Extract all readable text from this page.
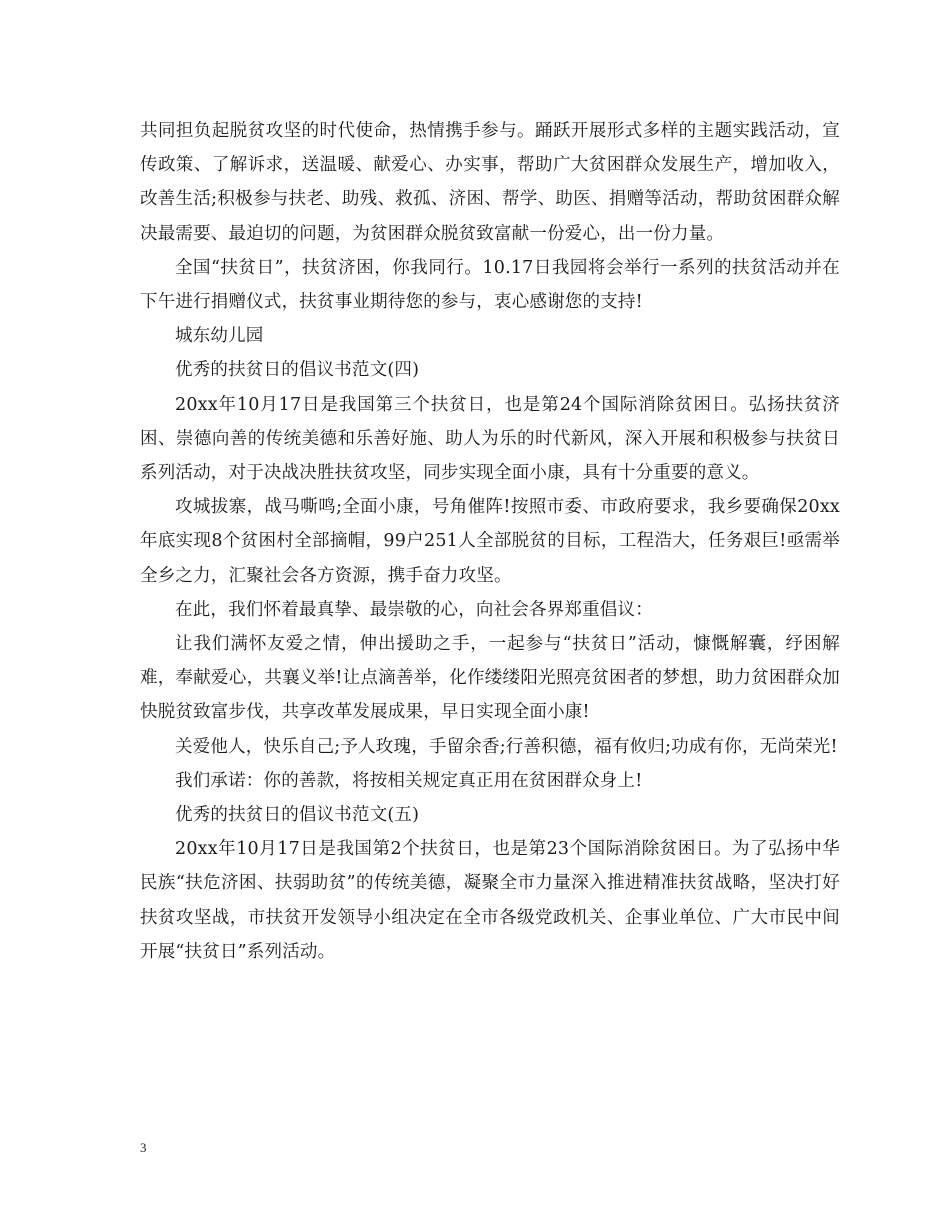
共同担负起脱贫攻坚的时代使命，热情携手参与。踊跃开展形式多样的主题实践活动，宣传政策、了解诉求，送温暖、献爱心、办实事，帮助广大贫困群众发展生产，增加收入，改善生活;积极参与扶老、助残、救孤、济困、帮学、助医、捐赠等活动，帮助贫困群众解决最需要、最迫切的问题，为贫困群众脱贫致富献一份爱心，出一份力量。

全国“扶贫日”，扶贫济困，你我同行。10.17日我园将会举行一系列的扶贫活动并在下午进行捐赠仪式，扶贫事业期待您的参与，衷心感谢您的支持!

城东幼儿园

优秀的扶贫日的倡议书范文(四)

20xx年10月17日是我国第三个扶贫日，也是第24个国际消除贫困日。弘扬扶贫济困、崇德向善的传统美德和乐善好施、助人为乐的时代新风，深入开展和积极参与扶贫日系列活动，对于决战决胜扶贫攻坚，同步实现全面小康，具有十分重要的意义。

攻城拔寨，战马嘶鸣;全面小康，号角催阵!按照市委、市政府要求，我乡要确保20xx年底实现8个贫困村全部摘帽，99户251人全部脱贫的目标，工程浩大，任务艰巨!亟需举全乡之力，汇聚社会各方资源，携手奋力攻坚。

在此，我们怀着最真挚、最崇敬的心，向社会各界郑重倡议：

让我们满怀友爱之情，伸出援助之手，一起参与“扶贫日”活动，慷慨解囊，纾困解难，奉献爱心，共襄义举!让点滴善举，化作缕缕阳光照亮贫困者的梦想，助力贫困群众加快脱贫致富步伐，共享改革发展成果，早日实现全面小康!

关爱他人，快乐自己;予人玫瑰，手留余香;行善积德，福有攸归;功成有你，无尚荣光!

我们承诺：你的善款，将按相关规定真正用在贫困群众身上!

优秀的扶贫日的倡议书范文(五)

20xx年10月17日是我国第2个扶贫日，也是第23个国际消除贫困日。为了弘扬中华民族“扶危济困、扶弱助贫”的传统美德，凝聚全市力量深入推进精准扶贫战略，坚决打好扶贫攻坚战，市扶贫开发领导小组决定在全市各级党政机关、企事业单位、广大市民中间开展“扶贫日”系列活动。

3
